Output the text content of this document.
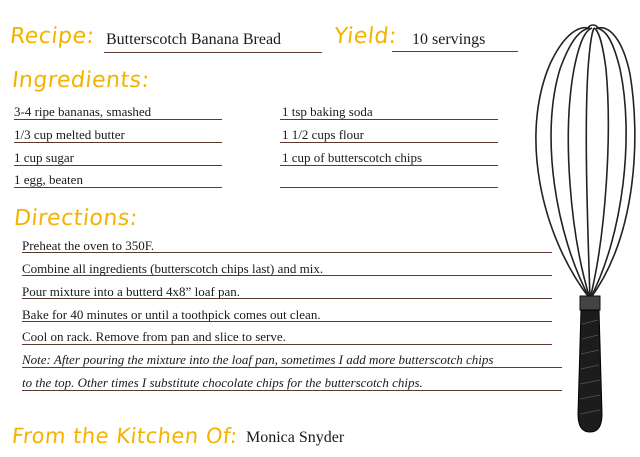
Recipe: Butterscotch Banana Bread Yield: 10 servings
Ingredients:
3-4 ripe bananas, smashed
1/3 cup melted butter
1 cup sugar
1 egg, beaten
1 tsp baking soda
1 1/2 cups flour
1 cup of butterscotch chips
Directions:
Preheat the oven to 350F.
Combine all ingredients (butterscotch chips last) and mix.
Pour mixture into a butterd 4x8” loaf pan.
Bake for 40 minutes or until a toothpick comes out clean.
Cool on rack. Remove from pan and slice to serve.
Note: After pouring the mixture into the loaf pan, sometimes I add more butterscotch chips
to the top. Other times I substitute chocolate chips for the butterscotch chips.
From the Kitchen Of: Monica Snyder
